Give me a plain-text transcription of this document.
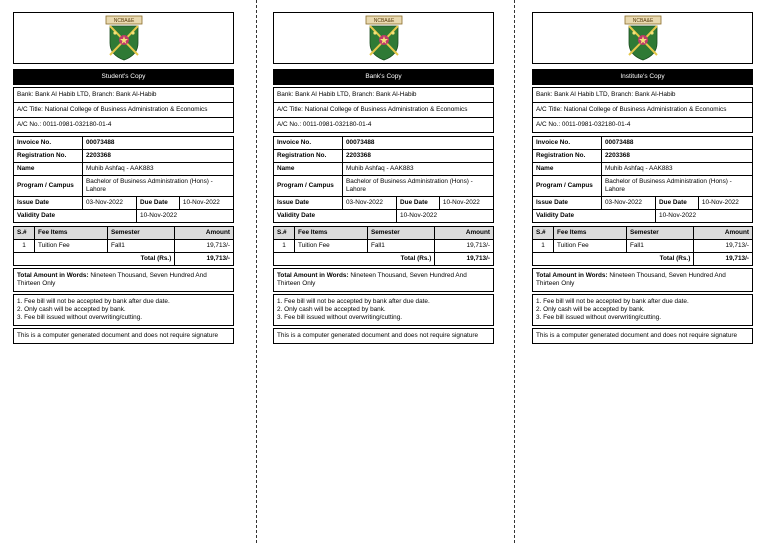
NCBA&E
Student's Copy
Bank: Bank Al Habib LTD, Branch: Bank Al-Habib
A/C Title: National College of Business Administration & Economics
A/C No.: 0011-0981-032180-01-4
Invoice No.	00073488		
Registration No.	2203368		
Name	Muhib Ashfaq - AAK883		
Program / Campus	Bachelor of Business Administration (Hons) - Lahore		
Issue Date	03-Nov-2022	Due Date	10-Nov-2022
Validity Date		10-Nov-2022	
S.#	Fee Items	Semester	Amount
1	Tuition Fee	Fall1	19,713/-
Total (Rs.)			19,713/-
Total Amount in Words: Nineteen Thousand, Seven Hundred And Thirteen Only
1. Fee bill will not be accepted by bank after due date.
2. Only cash will be accepted by bank.
3. Fee bill issued without overwriting/cutting.
This is a computer generated document and does not require signature
NCBA&E
Bank's Copy
Bank: Bank Al Habib LTD, Branch: Bank Al-Habib
A/C Title: National College of Business Administration & Economics
A/C No.: 0011-0981-032180-01-4
Invoice No.	00073488		
Registration No.	2203368		
Name	Muhib Ashfaq - AAK883		
Program / Campus	Bachelor of Business Administration (Hons) - Lahore		
Issue Date	03-Nov-2022	Due Date	10-Nov-2022
Validity Date		10-Nov-2022	
S.#	Fee Items	Semester	Amount
1	Tuition Fee	Fall1	19,713/-
Total (Rs.)			19,713/-
Total Amount in Words: Nineteen Thousand, Seven Hundred And Thirteen Only
1. Fee bill will not be accepted by bank after due date.
2. Only cash will be accepted by bank.
3. Fee bill issued without overwriting/cutting.
This is a computer generated document and does not require signature
NCBA&E
Institute's Copy
Bank: Bank Al Habib LTD, Branch: Bank Al-Habib
A/C Title: National College of Business Administration & Economics
A/C No.: 0011-0981-032180-01-4
Invoice No.	00073488		
Registration No.	2203368		
Name	Muhib Ashfaq - AAK883		
Program / Campus	Bachelor of Business Administration (Hons) - Lahore		
Issue Date	03-Nov-2022	Due Date	10-Nov-2022
Validity Date		10-Nov-2022	
S.#	Fee Items	Semester	Amount
1	Tuition Fee	Fall1	19,713/-
Total (Rs.)			19,713/-
Total Amount in Words: Nineteen Thousand, Seven Hundred And Thirteen Only
1. Fee bill will not be accepted by bank after due date.
2. Only cash will be accepted by bank.
3. Fee bill issued without overwriting/cutting.
This is a computer generated document and does not require signature
